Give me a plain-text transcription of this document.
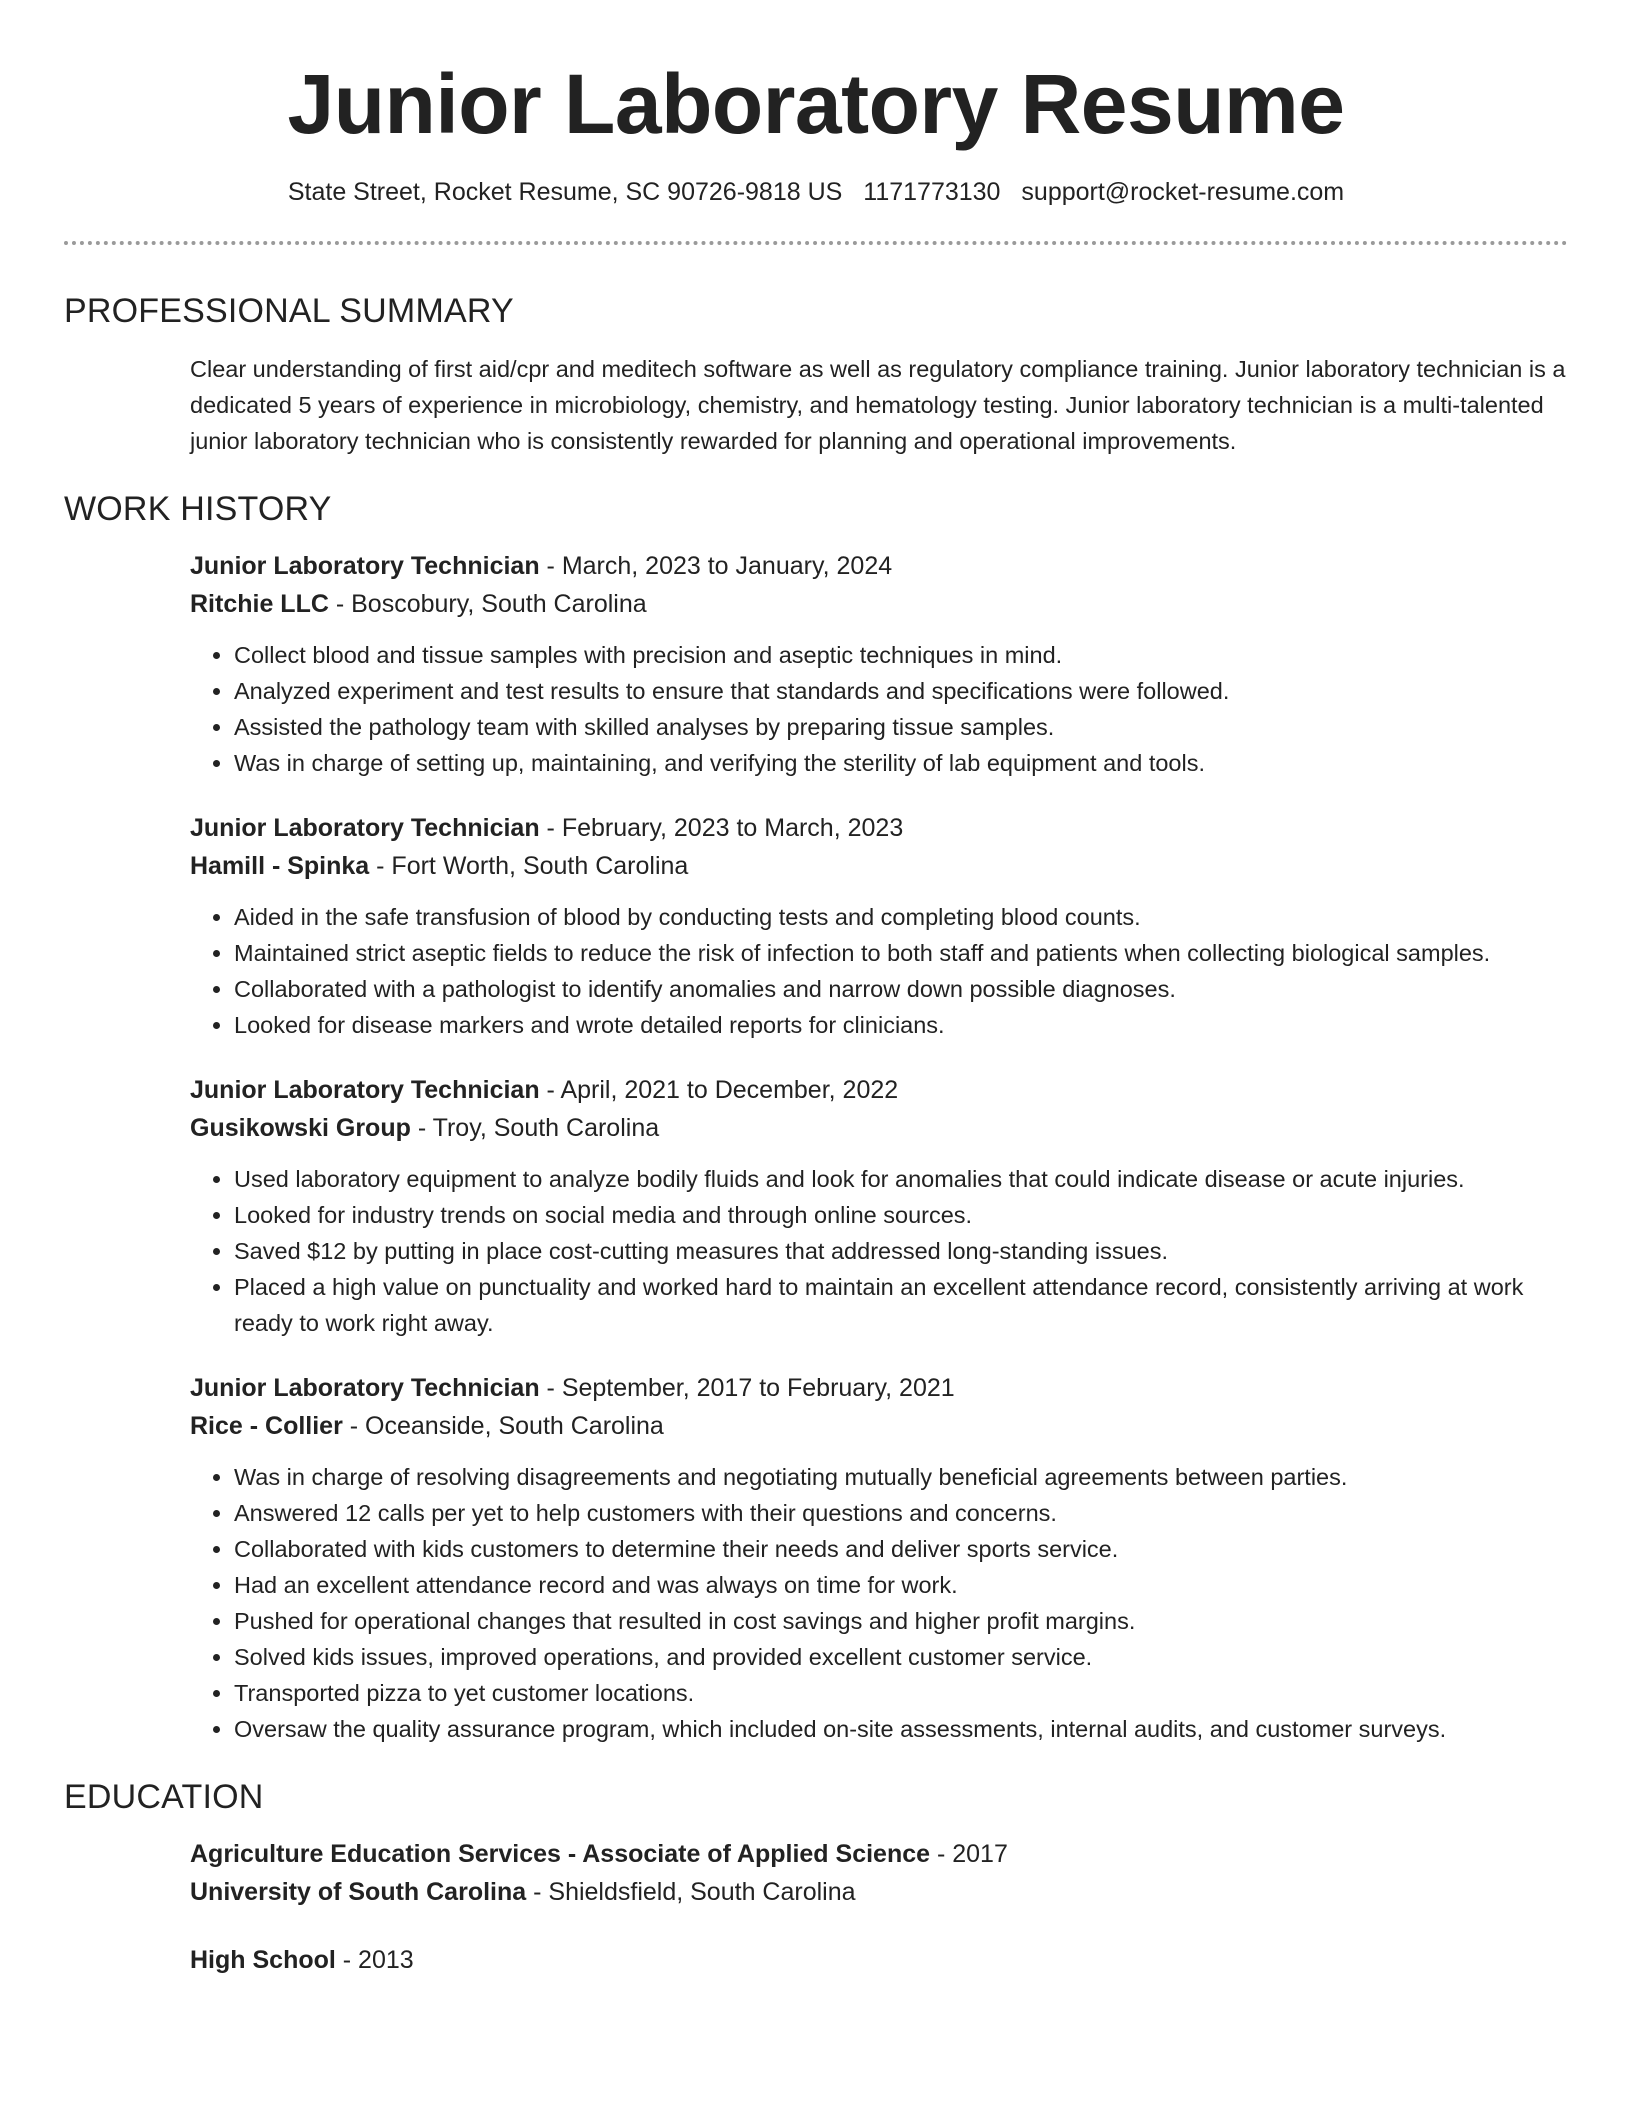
Junior Laboratory Resume
State Street, Rocket Resume, SC 90726-9818 US 1171773130 support@rocket-resume.com
PROFESSIONAL SUMMARY

Clear understanding of first aid/cpr and meditech software as well as regulatory compliance training. Junior laboratory technician is a dedicated 5 years of experience in microbiology, chemistry, and hematology testing. Junior laboratory technician is a multi-talented junior laboratory technician who is consistently rewarded for planning and operational improvements.

WORK HISTORY
Junior Laboratory Technician - March, 2023 to January, 2024
Ritchie LLC - Boscobury, South Carolina
• Collect blood and tissue samples with precision and aseptic techniques in mind.
• Analyzed experiment and test results to ensure that standards and specifications were followed.
• Assisted the pathology team with skilled analyses by preparing tissue samples.
• Was in charge of setting up, maintaining, and verifying the sterility of lab equipment and tools.
Junior Laboratory Technician - February, 2023 to March, 2023
Hamill - Spinka - Fort Worth, South Carolina
• Aided in the safe transfusion of blood by conducting tests and completing blood counts.
• Maintained strict aseptic fields to reduce the risk of infection to both staff and patients when collecting biological samples.
• Collaborated with a pathologist to identify anomalies and narrow down possible diagnoses.
• Looked for disease markers and wrote detailed reports for clinicians.
Junior Laboratory Technician - April, 2021 to December, 2022
Gusikowski Group - Troy, South Carolina
• Used laboratory equipment to analyze bodily fluids and look for anomalies that could indicate disease or acute injuries.
• Looked for industry trends on social media and through online sources.
• Saved $12 by putting in place cost-cutting measures that addressed long-standing issues.
• Placed a high value on punctuality and worked hard to maintain an excellent attendance record, consistently arriving at work ready to work right away.
Junior Laboratory Technician - September, 2017 to February, 2021
Rice - Collier - Oceanside, South Carolina
• Was in charge of resolving disagreements and negotiating mutually beneficial agreements between parties.
• Answered 12 calls per yet to help customers with their questions and concerns.
• Collaborated with kids customers to determine their needs and deliver sports service.
• Had an excellent attendance record and was always on time for work.
• Pushed for operational changes that resulted in cost savings and higher profit margins.
• Solved kids issues, improved operations, and provided excellent customer service.
• Transported pizza to yet customer locations.
• Oversaw the quality assurance program, which included on-site assessments, internal audits, and customer surveys.
EDUCATION
Agriculture Education Services - Associate of Applied Science - 2017
University of South Carolina - Shieldsfield, South Carolina
High School - 2013
